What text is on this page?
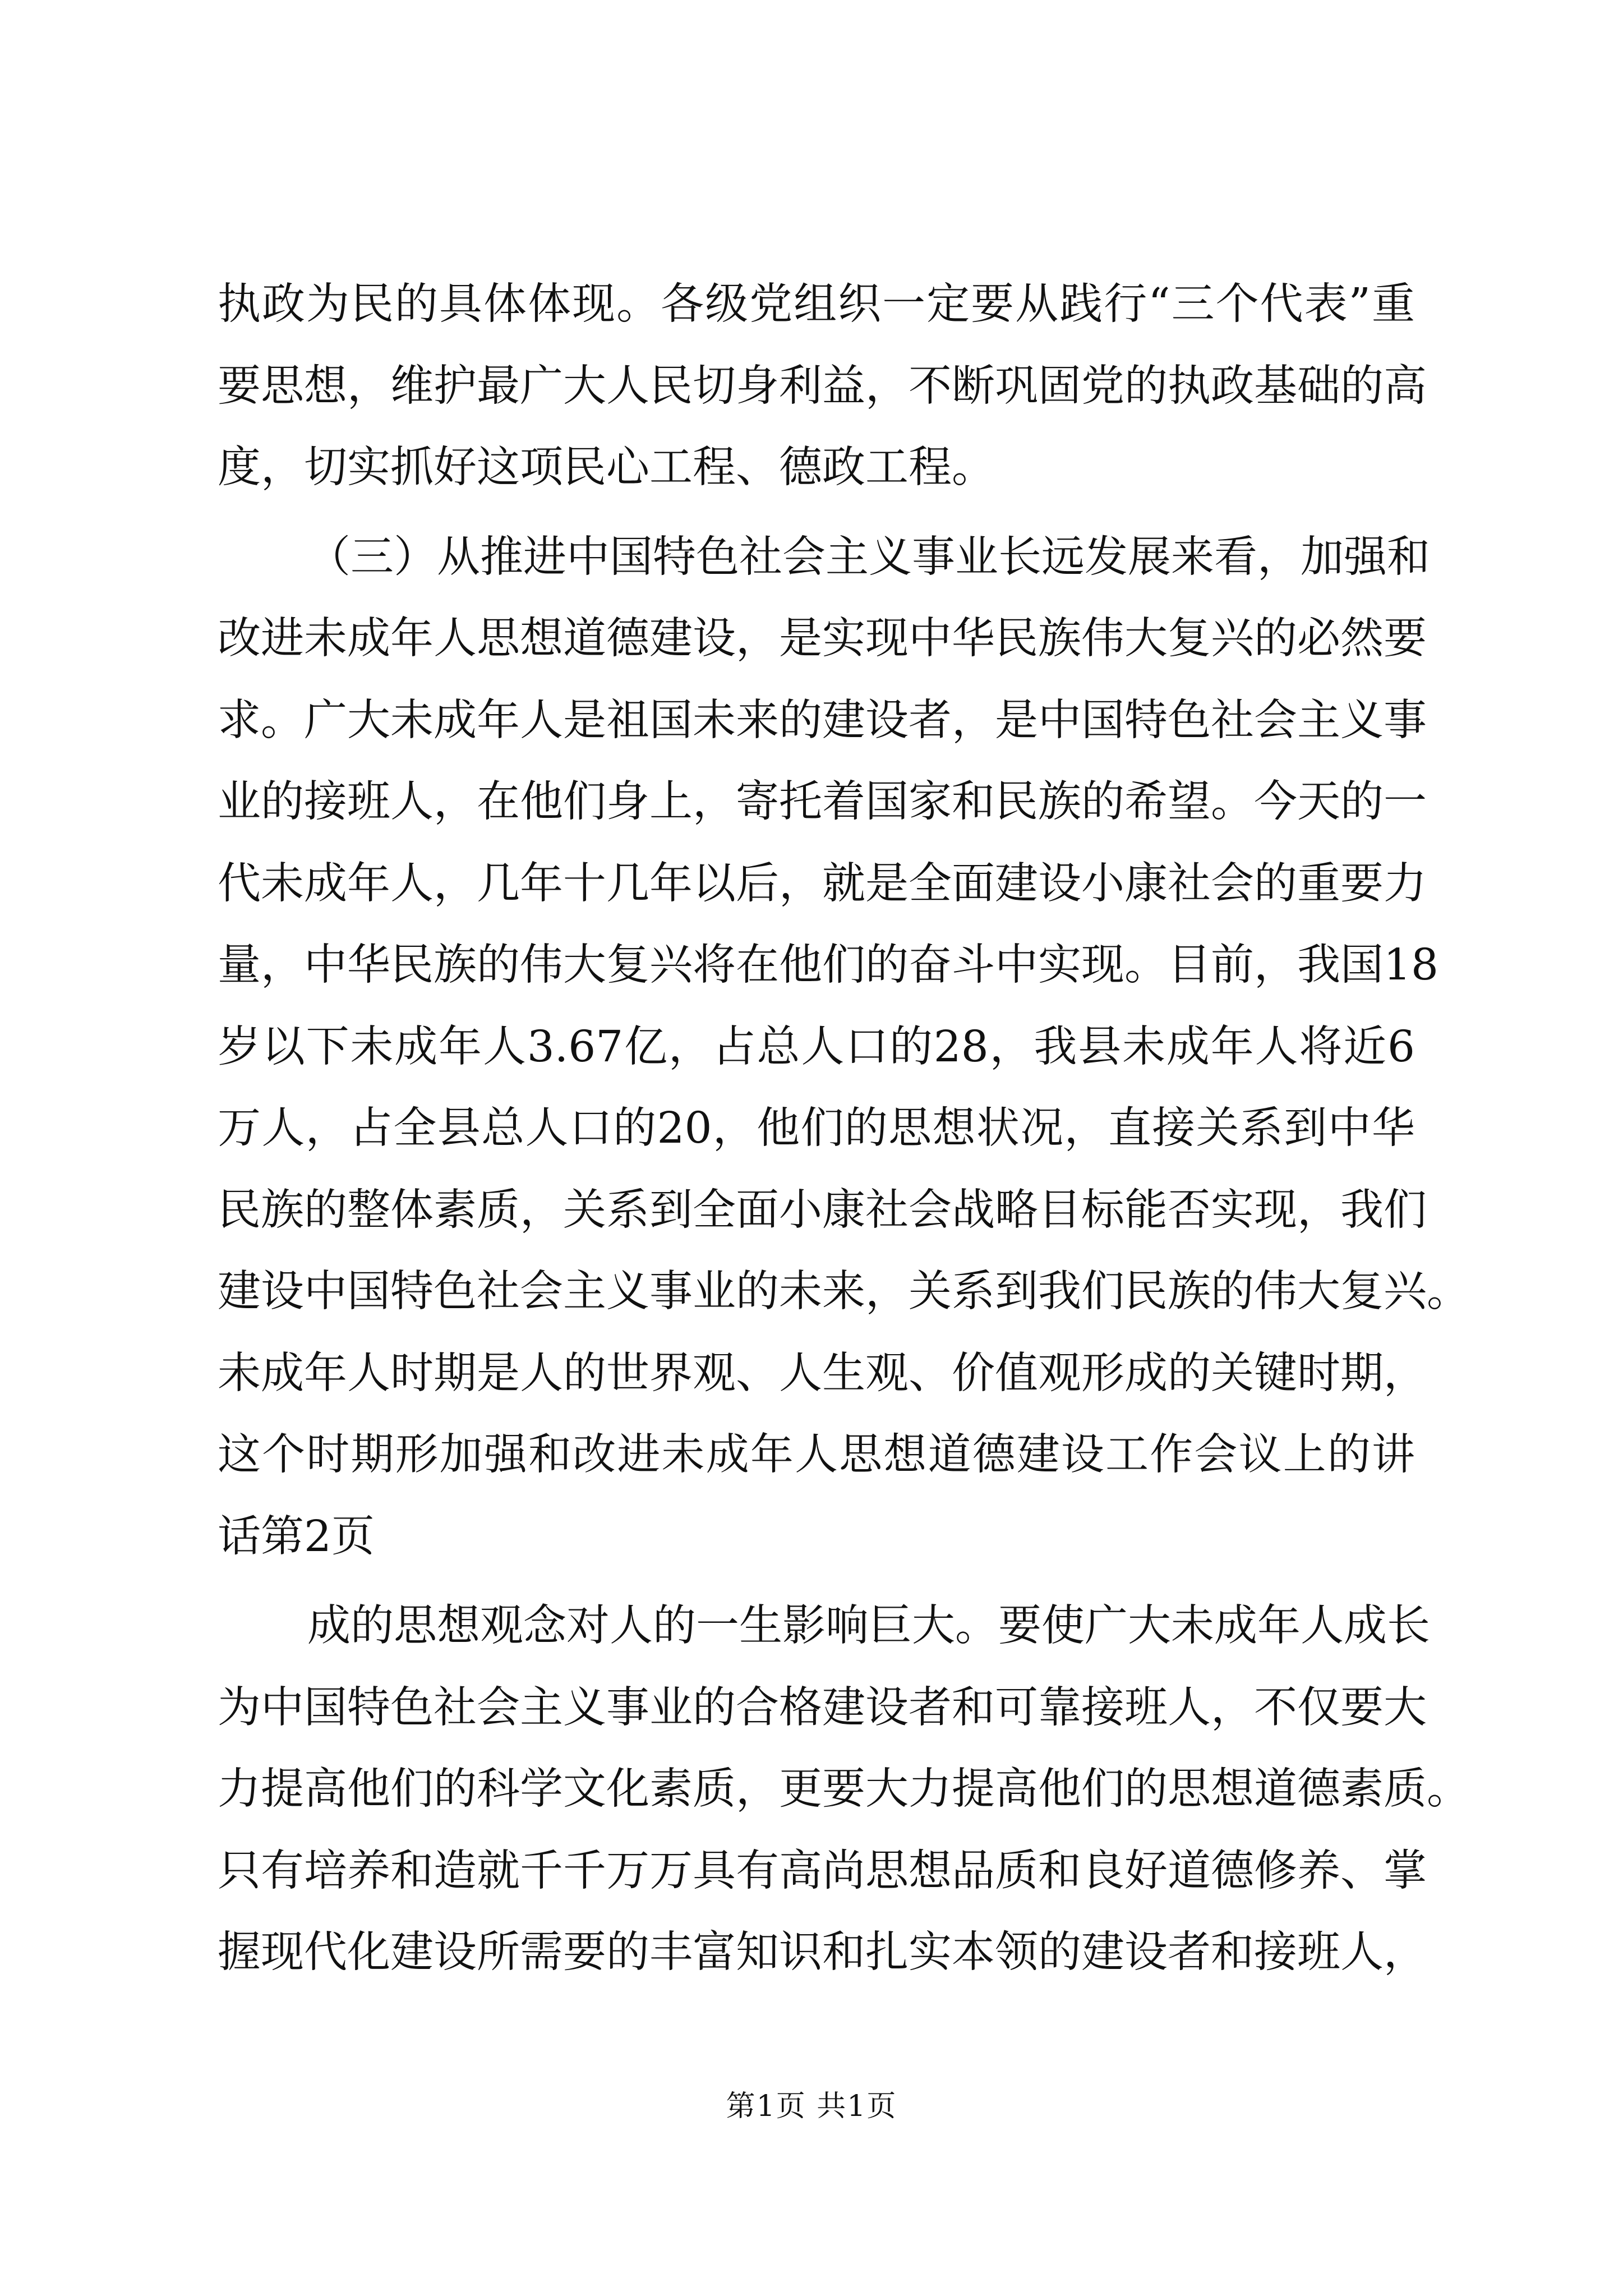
执政为民的具体体现。各级党组织一定要从践行“三个代表”重
要思想，维护最广大人民切身利益，不断巩固党的执政基础的高
度，切实抓好这项民心工程、德政工程。
（三）从推进中国特色社会主义事业长远发展来看，加强和
改进未成年人思想道德建设，是实现中华民族伟大复兴的必然要
求。广大未成年人是祖国未来的建设者，是中国特色社会主义事
业的接班人，在他们身上，寄托着国家和民族的希望。今天的一
代未成年人，几年十几年以后，就是全面建设小康社会的重要力
量，中华民族的伟大复兴将在他们的奋斗中实现。目前，我国18
岁以下未成年人3.67亿，占总人口的28，我县未成年人将近6
万人，占全县总人口的20，他们的思想状况，直接关系到中华
民族的整体素质，关系到全面小康社会战略目标能否实现，我们
建设中国特色社会主义事业的未来，关系到我们民族的伟大复兴。
未成年人时期是人的世界观、人生观、价值观形成的关键时期，
这个时期形加强和改进未成年人思想道德建设工作会议上的讲
话第2页
成的思想观念对人的一生影响巨大。要使广大未成年人成长
为中国特色社会主义事业的合格建设者和可靠接班人，不仅要大
力提高他们的科学文化素质，更要大力提高他们的思想道德素质。
只有培养和造就千千万万具有高尚思想品质和良好道德修养、掌
握现代化建设所需要的丰富知识和扎实本领的建设者和接班人，
第1页 共1页
